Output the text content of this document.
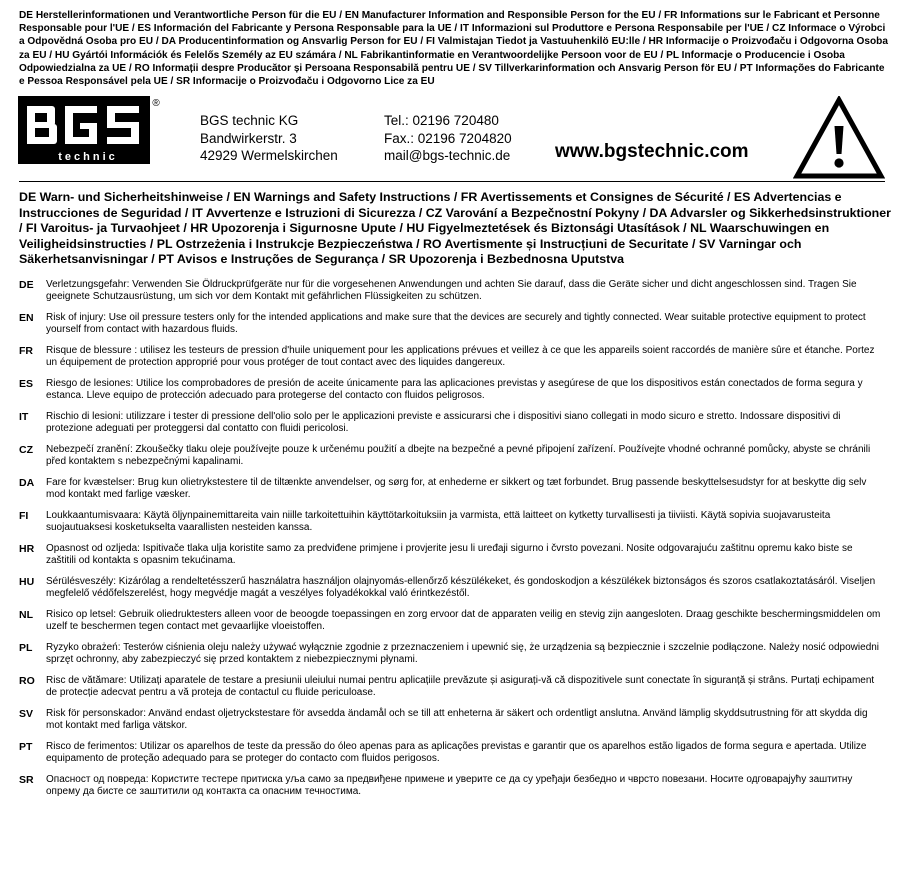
DE Herstellerinformationen und Verantwortliche Person für die EU / EN Manufacturer Information and Responsible Person for the EU / FR Informations sur le Fabricant et Personne Responsable pour l'UE / ES Información del Fabricante y Persona Responsable para la UE / IT Informazioni sul Produttore e Persona Responsabile per l'UE / CZ Informace o Výrobci a Odpovědná Osoba pro EU / DA Producentinformation og Ansvarlig Person for EU / FI Valmistajan Tiedot ja Vastuuhenkilö EU:lle / HR Informacije o Proizvođaču i Odgovorna Osoba za EU / HU Gyártói Információk és Felelős Személy az EU számára / NL Fabrikantinformatie en Verantwoordelijke Persoon voor de EU / PL Informacje o Producencie i Osoba Odpowiedzialna za UE / RO Informații despre Producător și Persoana Responsabilă pentru UE / SV Tillverkarinformation och Ansvarig Person för EU / PT Informações do Fabricante e Pessoa Responsável pela UE / SR Informacije o Proizvođaču i Odgovorno Lice za EU

technic
®
BGS technic KG
Bandwirkerstr. 3
42929 Wermelskirchen
Tel.: 02196 720480
Fax.: 02196 7204820
mail@bgs-technic.de www.bgstechnic.com

DE Warn- und Sicherheitshinweise / EN Warnings and Safety Instructions / FR Avertissements et Consignes de Sécurité / ES Advertencias e Instrucciones de Seguridad / IT Avvertenze e Istruzioni di Sicurezza / CZ Varování a Bezpečnostní Pokyny / DA Advarsler og Sikkerhedsinstruktioner / FI Varoitus- ja Turvaohjeet / HR Upozorenja i Sigurnosne Upute / HU Figyelmeztetések és Biztonsági Utasítások / NL Waarschuwingen en Veiligheidsinstructies / PL Ostrzeżenia i Instrukcje Bezpieczeństwa / RO Avertismente și Instrucțiuni de Securitate / SV Varningar och Säkerhetsanvisningar / PT Avisos e Instruções de Segurança / SR Upozorenja i Bezbednosna Uputstva

DE	Verletzungsgefahr: Verwenden Sie Öldruckprüfgeräte nur für die vorgesehenen Anwendungen und achten Sie darauf, dass die Geräte sicher und dicht angeschlossen sind. Tragen Sie geeignete Schutzausrüstung, um sich vor dem Kontakt mit gefährlichen Flüssigkeiten zu schützen.
EN	Risk of injury: Use oil pressure testers only for the intended applications and make sure that the devices are securely and tightly connected. Wear suitable protective equipment to protect yourself from contact with hazardous fluids.
FR	Risque de blessure : utilisez les testeurs de pression d'huile uniquement pour les applications prévues et veillez à ce que les appareils soient raccordés de manière sûre et étanche. Portez un équipement de protection approprié pour vous protéger de tout contact avec des liquides dangereux.
ES	Riesgo de lesiones: Utilice los comprobadores de presión de aceite únicamente para las aplicaciones previstas y asegúrese de que los dispositivos están conectados de forma segura y estanca. Lleve equipo de protección adecuado para protegerse del contacto con fluidos peligrosos.
IT	Rischio di lesioni: utilizzare i tester di pressione dell'olio solo per le applicazioni previste e assicurarsi che i dispositivi siano collegati in modo sicuro e stretto. Indossare dispositivi di protezione adeguati per proteggersi dal contatto con fluidi pericolosi.
CZ	Nebezpečí zranění: Zkoušečky tlaku oleje používejte pouze k určenému použití a dbejte na bezpečné a pevné připojení zařízení. Používejte vhodné ochranné pomůcky, abyste se chránili před kontaktem s nebezpečnými kapalinami.
DA	Fare for kvæstelser: Brug kun olietrykstestere til de tiltænkte anvendelser, og sørg for, at enhederne er sikkert og tæt forbundet. Brug passende beskyttelsesudstyr for at beskytte dig selv mod kontakt med farlige væsker.
FI	Loukkaantumisvaara: Käytä öljynpainemittareita vain niille tarkoitettuihin käyttötarkoituksiin ja varmista, että laitteet on kytketty turvallisesti ja tiiviisti. Käytä sopivia suojavarusteita suojautuaksesi kosketukselta vaarallisten nesteiden kanssa.
HR	Opasnost od ozljeda: Ispitivače tlaka ulja koristite samo za predviđene primjene i provjerite jesu li uređaji sigurno i čvrsto povezani. Nosite odgovarajuću zaštitnu opremu kako biste se zaštitili od kontakta s opasnim tekućinama.
HU	Sérülésveszély: Kizárólag a rendeltetésszerű használatra használjon olajnyomás-ellenőrző készülékeket, és gondoskodjon a készülékek biztonságos és szoros csatlakoztatásáról. Viseljen megfelelő védőfelszerelést, hogy megvédje magát a veszélyes folyadékokkal való érintkezéstől.
NL	Risico op letsel: Gebruik oliedruktesters alleen voor de beoogde toepassingen en zorg ervoor dat de apparaten veilig en stevig zijn aangesloten. Draag geschikte beschermingsmiddelen om uzelf te beschermen tegen contact met gevaarlijke vloeistoffen.
PL	Ryzyko obrażeń: Testerów ciśnienia oleju należy używać wyłącznie zgodnie z przeznaczeniem i upewnić się, że urządzenia są bezpiecznie i szczelnie podłączone. Należy nosić odpowiedni sprzęt ochronny, aby zabezpieczyć się przed kontaktem z niebezpiecznymi płynami.
RO	Risc de vătămare: Utilizați aparatele de testare a presiunii uleiului numai pentru aplicațiile prevăzute și asigurați-vă că dispozitivele sunt conectate în siguranță și strâns. Purtați echipament de protecție adecvat pentru a vă proteja de contactul cu fluide periculoase.
SV	Risk för personskador: Använd endast oljetryckstestare för avsedda ändamål och se till att enheterna är säkert och ordentligt anslutna. Använd lämplig skyddsutrustning för att skydda dig mot kontakt med farliga vätskor.
PT	Risco de ferimentos: Utilizar os aparelhos de teste da pressão do óleo apenas para as aplicações previstas e garantir que os aparelhos estão ligados de forma segura e apertada. Utilize equipamento de proteção adequado para se proteger do contacto com fluidos perigosos.
SR	Опасност од повреда: Користите тестере притиска уља само за предвиђене примене и уверите се да су уређаји безбедно и чврсто повезани. Носите одговарајућу заштитну опрему да бисте се заштитили од контакта са опасним течностима.
